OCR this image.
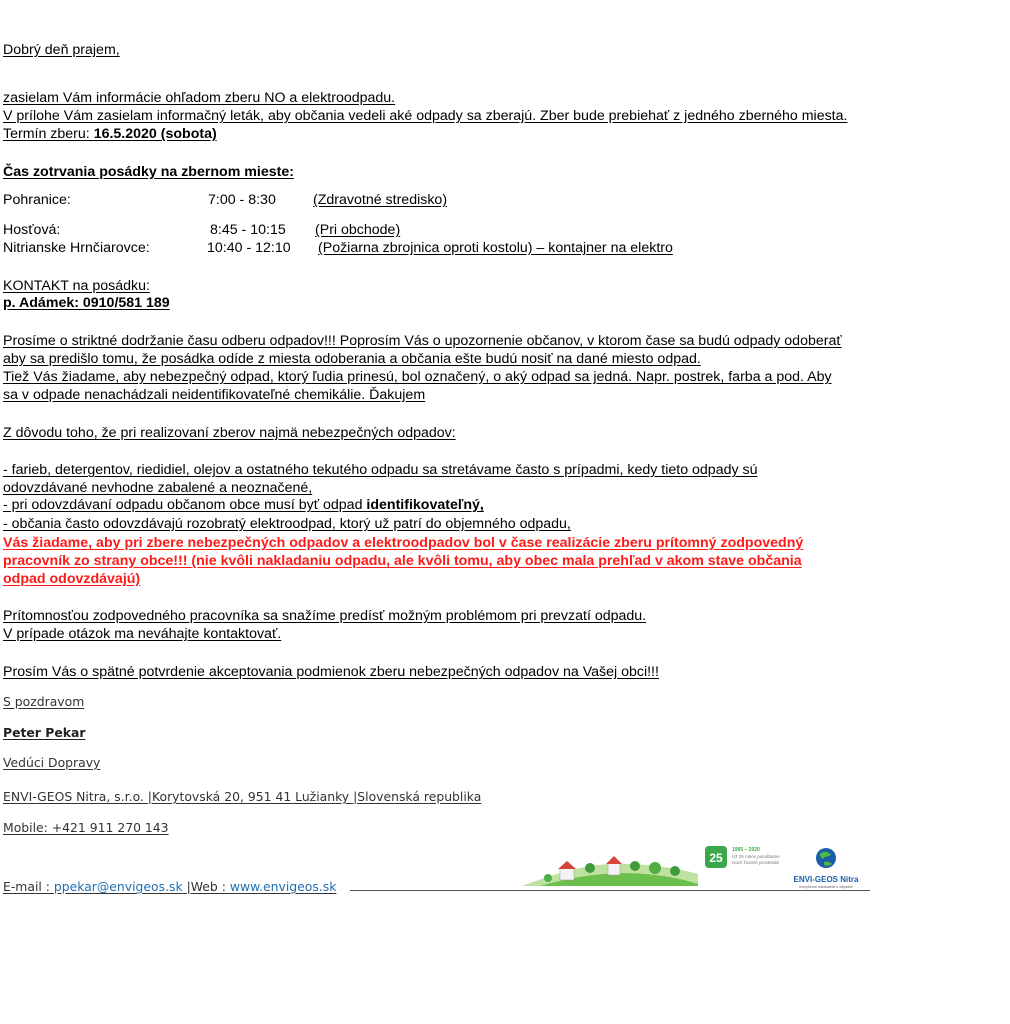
Dobrý deň prajem,
zasielam Vám informácie ohľadom zberu NO a elektroodpadu.
V prílohe Vám zasielam informačný leták, aby občania vedeli aké odpady sa zberajú. Zber bude prebiehať z jedného zberného miesta.
Termín zberu: 16.5.2020 (sobota)
Čas zotrvania posádky na zbernom mieste:
Pohranice:	7:00 - 8:30	(Zdravotné stredisko)
Hosťová:	8:45 - 10:15 (Pri obchode)
Nitrianske Hrnčiarovce:	10:40 - 12:10 (Požiarna zbrojnica oproti kostolu) – kontajner na elektro
KONTAKT na posádku:
p. Adámek: 0910/581 189
Prosíme o striktné dodržanie času odberu odpadov!!! Poprosím Vás o upozornenie občanov, v ktorom čase sa budú odpady odoberať
aby sa predišlo tomu, že posádka odíde z miesta odoberania a občania ešte budú nosiť na dané miesto odpad.
Tiež Vás žiadame, aby nebezpečný odpad, ktorý ľudia prinesú, bol označený, o aký odpad sa jedná. Napr. postrek, farba a pod. Aby
sa v odpade nenachádzali neidentifikovateľné chemikálie. Ďakujem
Z dôvodu toho, že pri realizovaní zberov najmä nebezpečných odpadov:
- farieb, detergentov, riedidiel, olejov a ostatného tekutého odpadu sa stretávame často s prípadmi, kedy tieto odpady sú
odovzdávané nevhodne zabalené a neoznačené,
- pri odovzdávaní odpadu občanom obce musí byť odpad identifikovateľný,
- občania často odovzdávajú rozobratý elektroodpad, ktorý už patrí do objemného odpadu,
Vás žiadame, aby pri zbere nebezpečných odpadov a elektroodpadov bol v čase realizácie zberu prítomný zodpovedný
pracovník zo strany obce!!! (nie kvôli nakladaniu odpadu, ale kvôli tomu, aby obec mala prehľad v akom stave občania
odpad odovzdávajú)
Prítomnosťou zodpovedného pracovníka sa snažíme predísť možným problémom pri prevzatí odpadu.
V prípade otázok ma neváhajte kontaktovať.
Prosím Vás o spätné potvrdenie akceptovania podmienok zberu nebezpečných odpadov na Vašej obci!!!
S pozdravom
Peter Pekar
Vedúci Dopravy
ENVI-GEOS Nitra, s.r.o. |Korytovská 20, 951 41 Lužianky |Slovenská republika
Mobile: +421 911 270 143
E-mail : ppekar@envigeos.sk |Web : www.envigeos.sk
25
1995 – 2020
Už 25 rokov pomáhame
tvoriť životné prostredie
ENVI-GEOS Nitra
Komplexné nakladanie s odpadmi
